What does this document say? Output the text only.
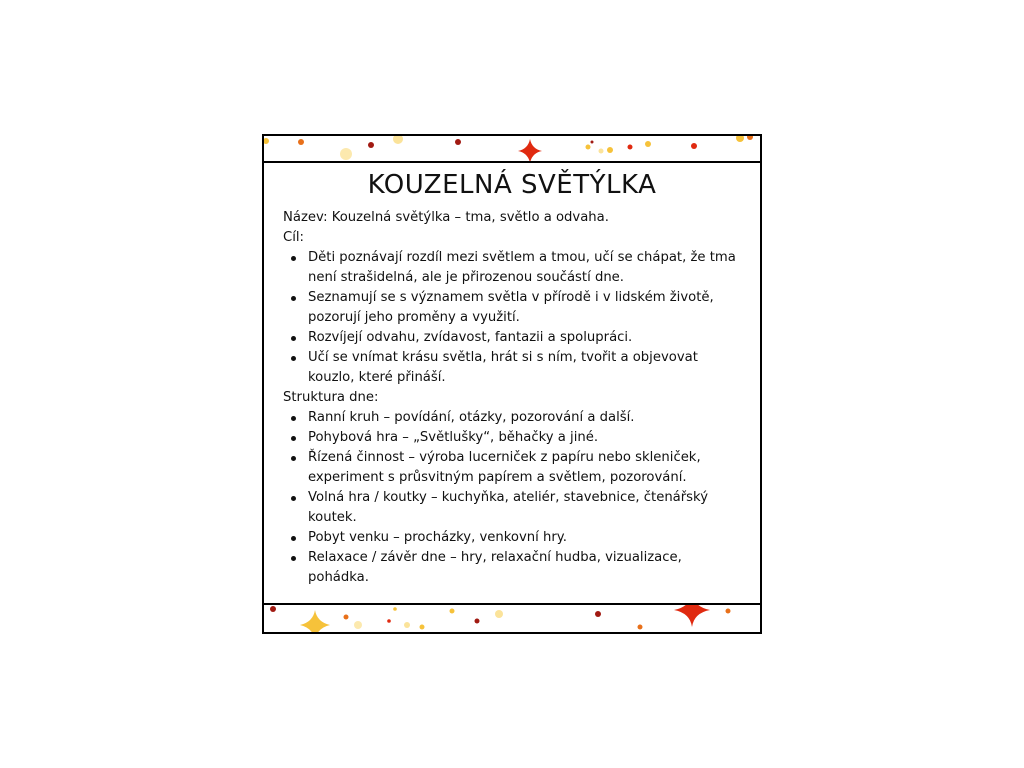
KOUZELNÁ SVĚTÝLKA

Název: Kouzelná světýlka – tma, světlo a odvaha.

Cíl:

Děti poznávají rozdíl mezi světlem a tmou, učí se chápat, že tma není strašidelná, ale je přirozenou součástí dne.
Seznamují se s významem světla v přírodě i v lidském životě, pozorují jeho proměny a využití.
Rozvíjejí odvahu, zvídavost, fantazii a spolupráci.
Učí se vnímat krásu světla, hrát si s ním, tvořit a objevovat kouzlo, které přináší.

Struktura dne:

Ranní kruh – povídání, otázky, pozorování a další.
Pohybová hra – „Světlušky“, běhačky a jiné.
Řízená činnost – výroba lucerniček z papíru nebo skleniček, experiment s průsvitným papírem a světlem, pozorování.
Volná hra / koutky – kuchyňka, ateliér, stavebnice, čtenářský koutek.
Pobyt venku – procházky, venkovní hry.
Relaxace / závěr dne – hry, relaxační hudba, vizualizace, pohádka.
